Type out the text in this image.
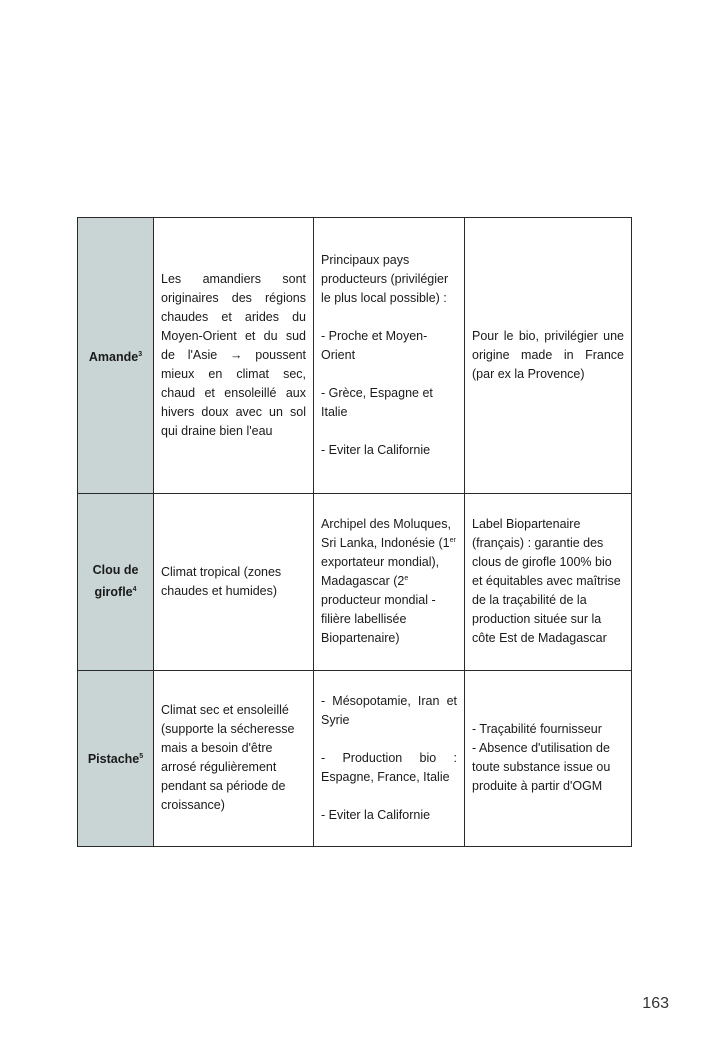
Amande$^3$	Les amandiers sont originaires des régions chaudes et arides du Moyen-Orient et du sud de l'Asie → poussent mieux en climat sec, chaud et ensoleillé aux hivers doux avec un sol qui draine bien l'eau	Principaux pays producteurs (privilégier le plus local possible) :
- Proche et Moyen-Orient
- Grèce, Espagne et Italie
- Eviter la Californie	Pour le bio, privilégier une origine made in France (par ex la Provence)
Clou de girofle$^4$	Climat tropical (zones chaudes et humides)	Archipel des Moluques, Sri Lanka, Indonésie (1er exportateur mondial), Madagascar (2e producteur mondial - filière labellisée Biopartenaire)	Label Biopartenaire (français) : garantie des clous de girofle 100% bio et équitables avec maîtrise de la traçabilité de la production située sur la côte Est de Madagascar
Pistache$^5$	Climat sec et ensoleillé (supporte la sécheresse mais a besoin d'être arrosé régulièrement pendant sa période de croissance)	- Mésopotamie, Iran et Syrie
- Production bio : Espagne, France, Italie
- Eviter la Californie	- Traçabilité fournisseur
- Absence d'utilisation de toute substance issue ou produite à partir d'OGM
163
